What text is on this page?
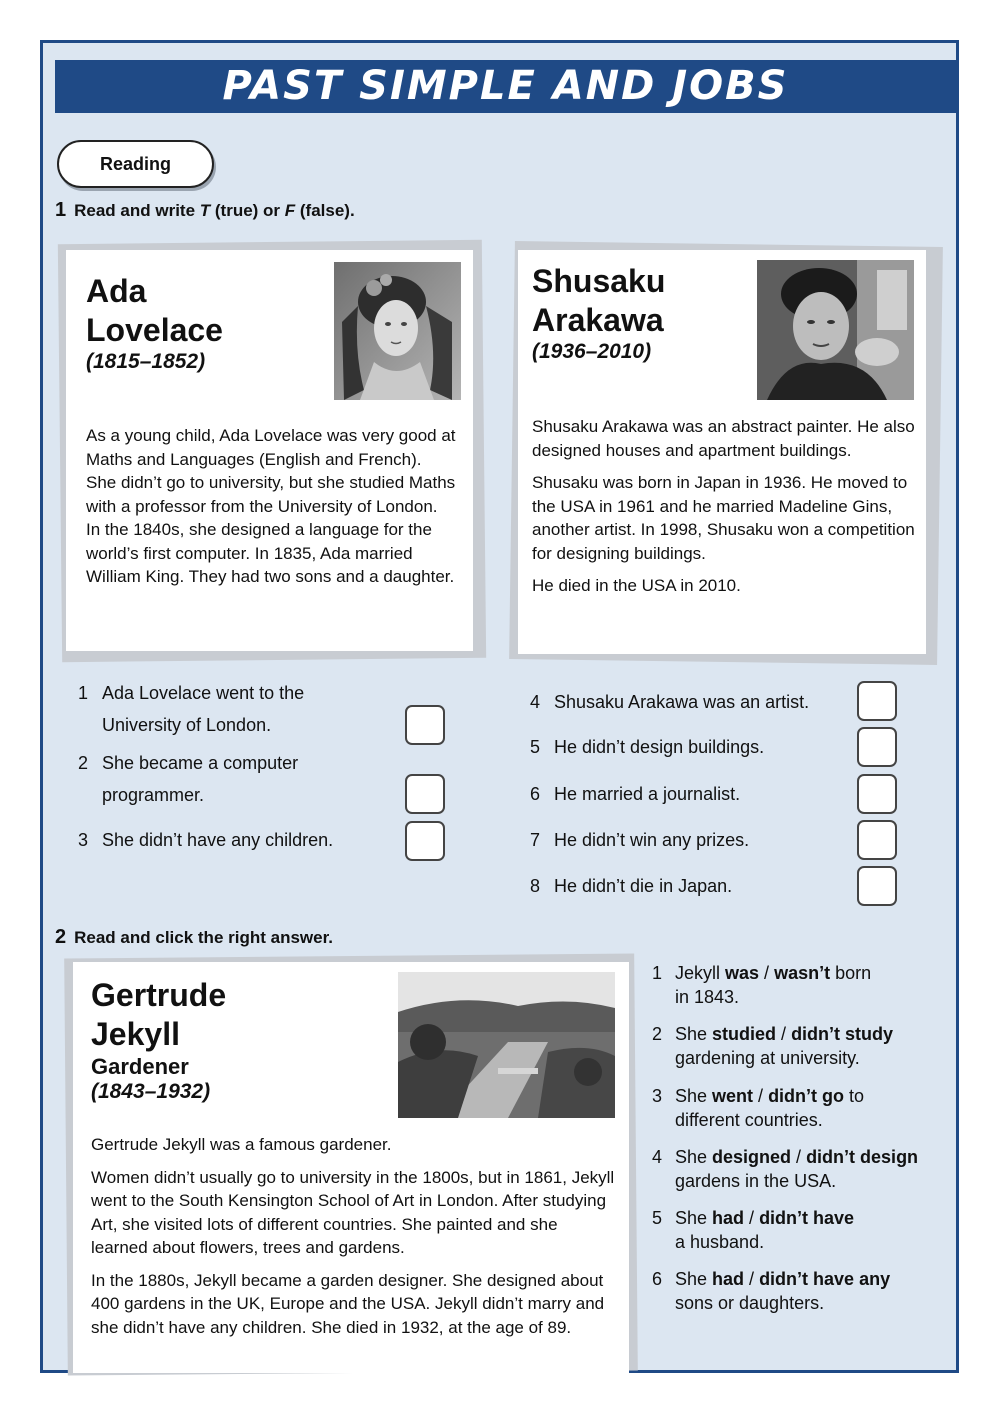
PAST SIMPLE AND JOBS
Reading
1 Read and write T (true) or F (false).
Ada
Lovelace
(1815–1852)

As a young child, Ada Lovelace was very good at Maths and Languages (English and French). She didn’t go to university, but she studied Maths with a professor from the University of London. In the 1840s, she designed a language for the world’s first computer. In 1835, Ada married William King. They had two sons and a daughter.

Shusaku
Arakawa
(1936–2010)

Shusaku Arakawa was an abstract painter. He also designed houses and apartment buildings.

Shusaku was born in Japan in 1936. He moved to the USA in 1961 and he married Madeline Gins, another artist. In 1998, Shusaku won a competition for designing buildings.

He died in the USA in 2010.

1 Ada Lovelace went to the
University of London.
2 She became a computer
programmer.
3 She didn’t have any children.
4 Shusaku Arakawa was an artist.
5 He didn’t design buildings.
6 He married a journalist.
7 He didn’t win any prizes.
8 He didn’t die in Japan.
2 Read and click the right answer.
Gertrude
Jekyll
Gardener
(1843–1932)

Gertrude Jekyll was a famous gardener.

Women didn’t usually go to university in the 1800s, but in 1861, Jekyll went to the South Kensington School of Art in London. After studying Art, she visited lots of different countries. She painted and she learned about flowers, trees and gardens.

In the 1880s, Jekyll became a garden designer. She designed about 400 gardens in the UK, Europe and the USA. Jekyll didn’t marry and she didn’t have any children. She died in 1932, at the age of 89.

1 Jekyll was / wasn’t born
in 1843.
2 She studied / didn’t study
gardening at university.
3 She went / didn’t go to
different countries.
4 She designed / didn’t design
gardens in the USA.
5 She had / didn’t have
a husband.
6 She had / didn’t have any
sons or daughters.
